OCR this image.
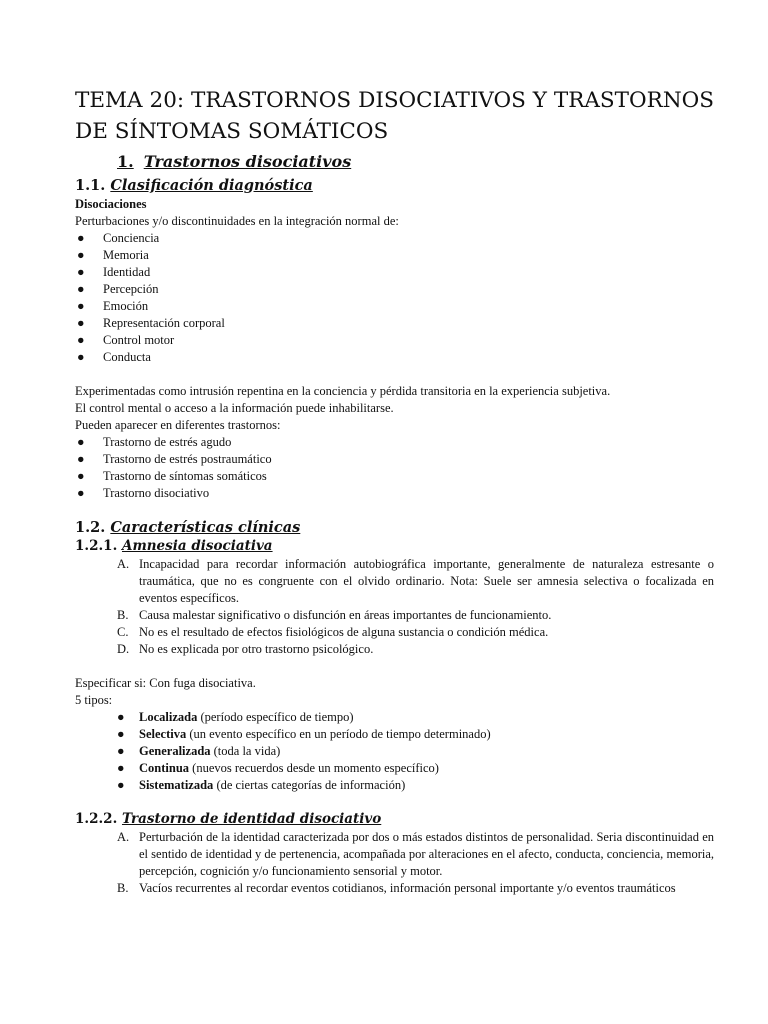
TEMA 20: TRASTORNOS DISOCIATIVOS Y TRASTORNOS DE SÍNTOMAS SOMÁTICOS
1. Trastornos disociativos
1.1. Clasificación diagnóstica

Disociaciones

Perturbaciones y/o discontinuidades en la integración normal de:

●	Conciencia
●	Memoria
●	Identidad
●	Percepción
●	Emoción
●	Representación corporal
●	Control motor
●	Conducta

Experimentadas como intrusión repentina en la conciencia y pérdida transitoria en la experiencia subjetiva.

El control mental o acceso a la información puede inhabilitarse.

Pueden aparecer en diferentes trastornos:

●	Trastorno de estrés agudo
●	Trastorno de estrés postraumático
●	Trastorno de síntomas somáticos
●	Trastorno disociativo
1.2. Características clínicas
1.2.1. Amnesia disociativa
A. Incapacidad para recordar información autobiográfica importante, generalmente de naturaleza estresante o traumática, que no es congruente con el olvido ordinario. Nota: Suele ser amnesia selectiva o focalizada en eventos específicos.
B. Causa malestar significativo o disfunción en áreas importantes de funcionamiento.
C. No es el resultado de efectos fisiológicos de alguna sustancia o condición médica.
D. No es explicada por otro trastorno psicológico.

Especificar si: Con fuga disociativa.

5 tipos:

●	Localizada (período específico de tiempo)
●	Selectiva (un evento específico en un período de tiempo determinado)
●	Generalizada (toda la vida)
●	Continua (nuevos recuerdos desde un momento específico)
●	Sistematizada (de ciertas categorías de información)
1.2.2. Trastorno de identidad disociativo
A. Perturbación de la identidad caracterizada por dos o más estados distintos de personalidad. Seria discontinuidad en el sentido de identidad y de pertenencia, acompañada por alteraciones en el afecto, conducta, conciencia, memoria, percepción, cognición y/o funcionamiento sensorial y motor.
B. Vacíos recurrentes al recordar eventos cotidianos, información personal importante y/o eventos traumáticos
